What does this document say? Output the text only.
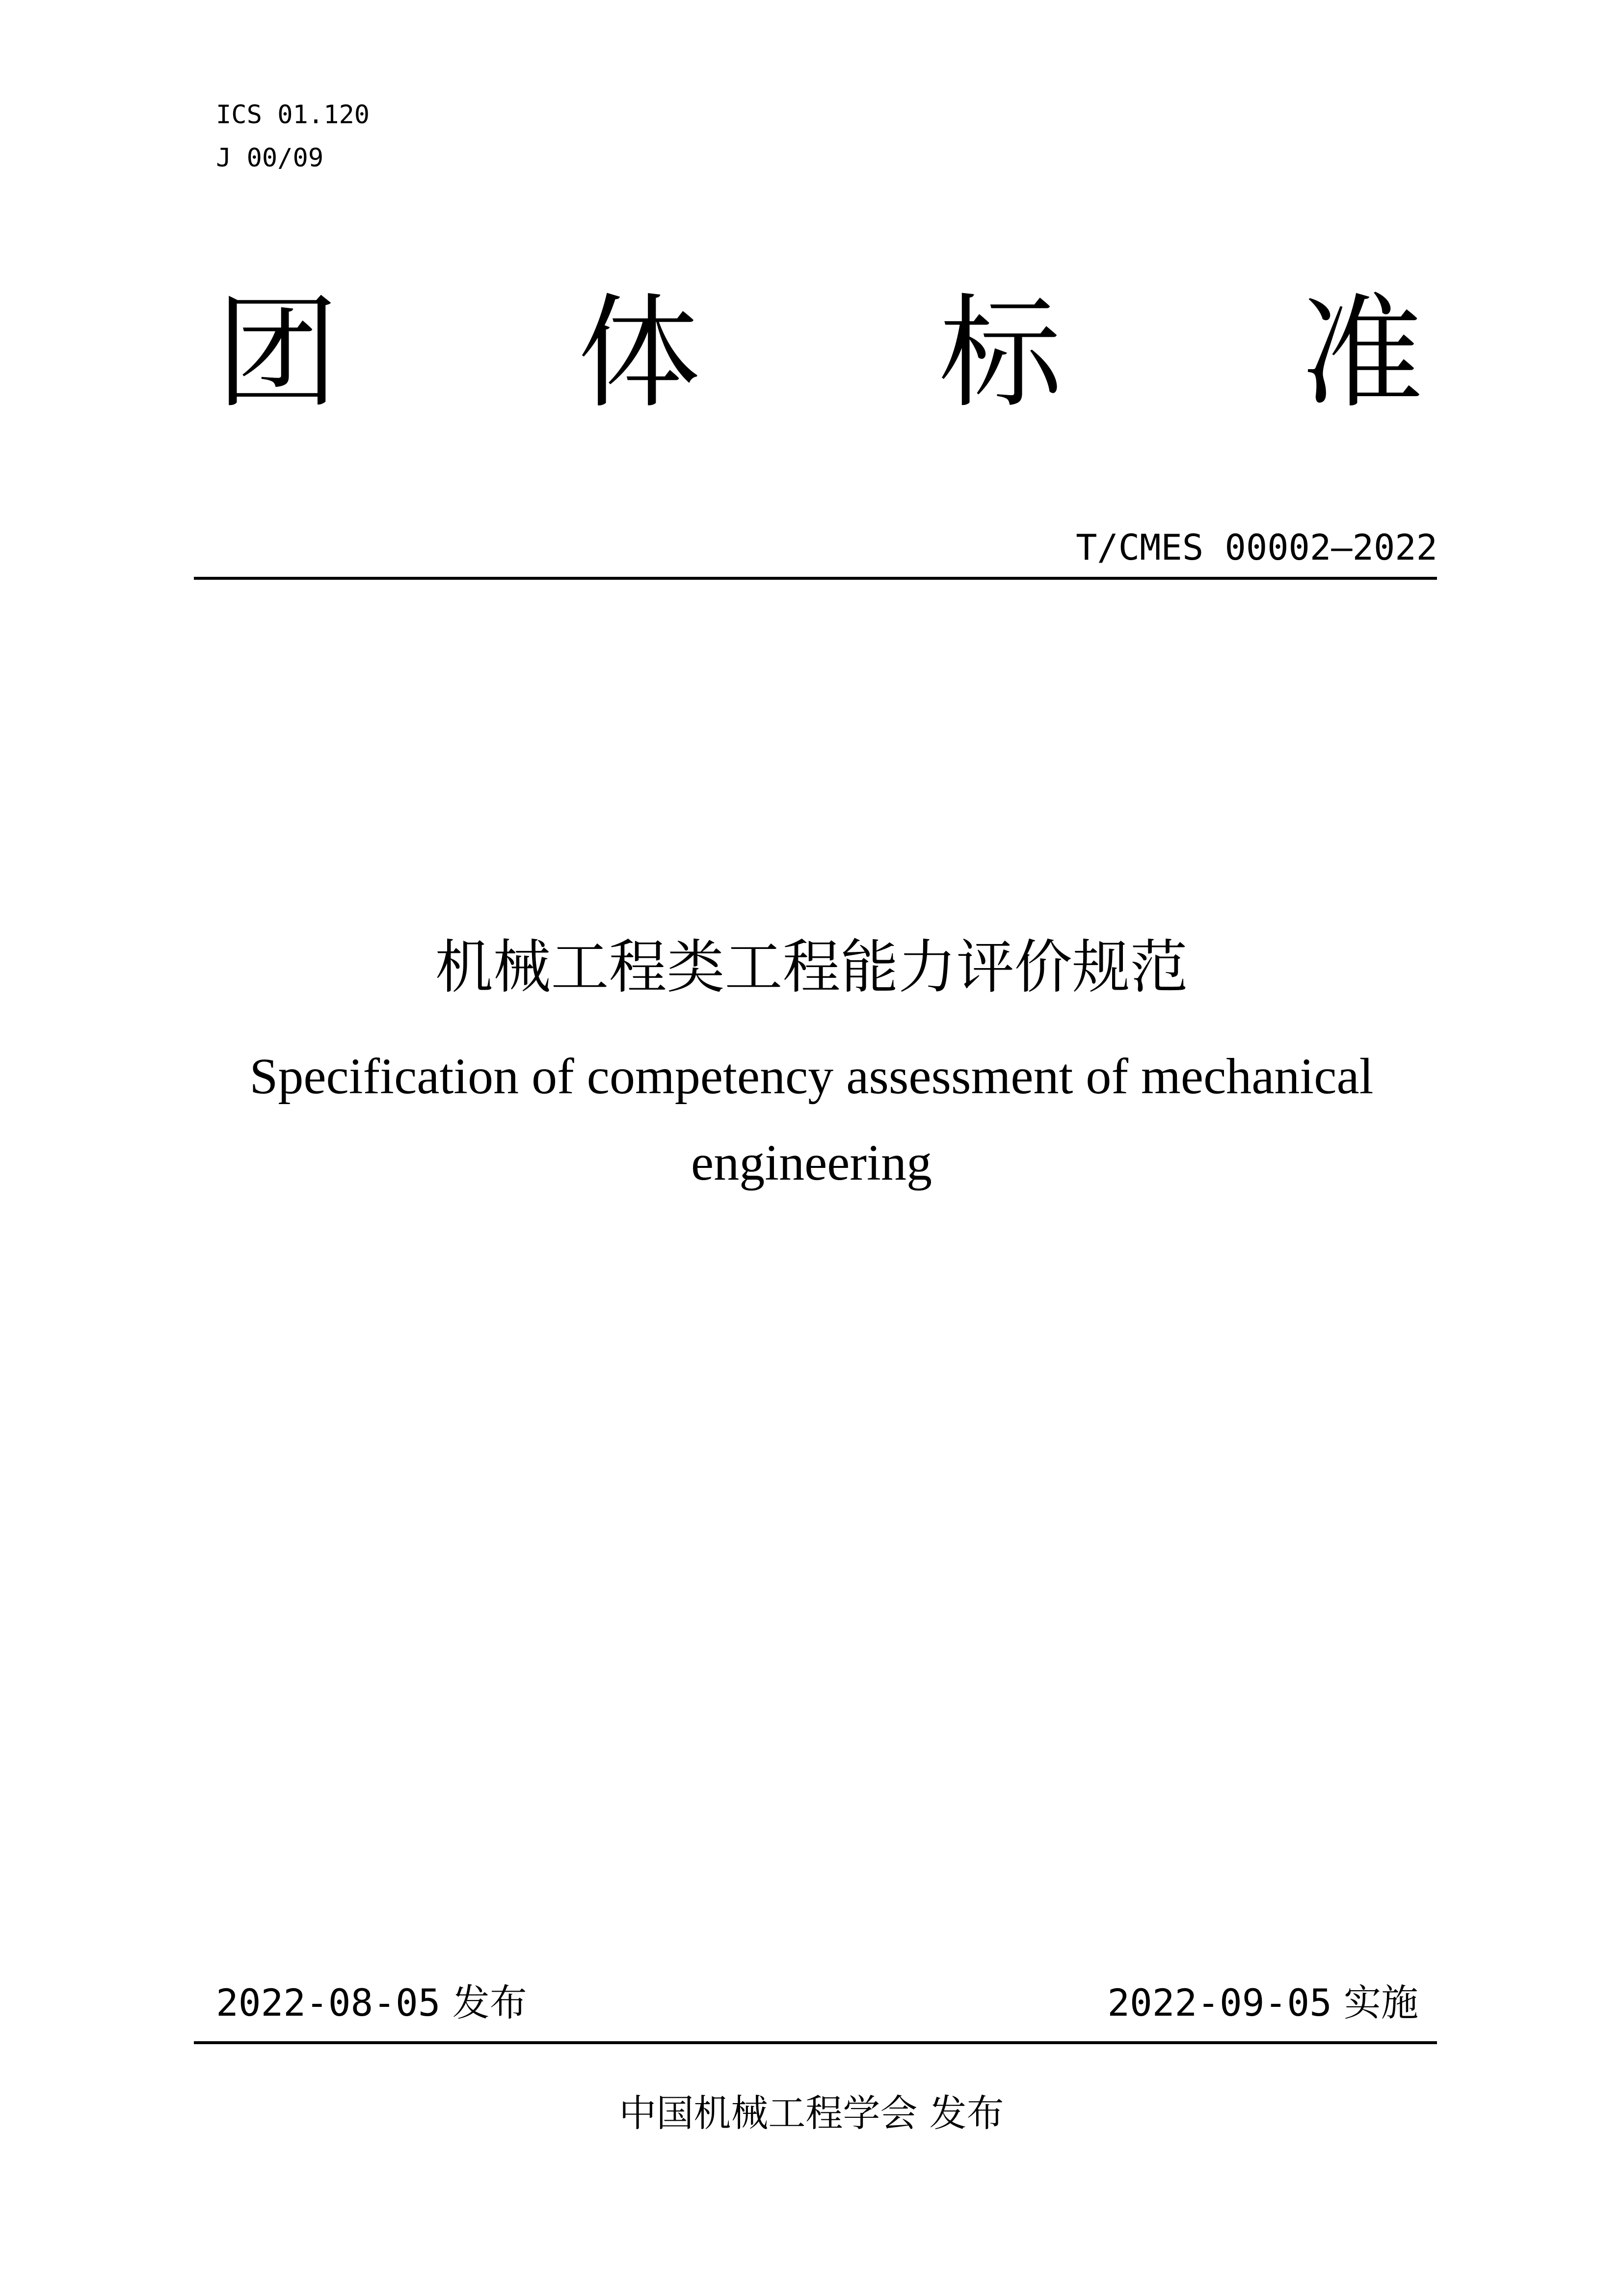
ICS 01.120
J 00/09
团 体 标 准
T/CMES 00002—2022
机械工程类工程能力评价规范
Specification of competency assessment of mechanical
engineering
2022-08-05 发布	2022-09-05 实施
中国机械工程学会 发布
